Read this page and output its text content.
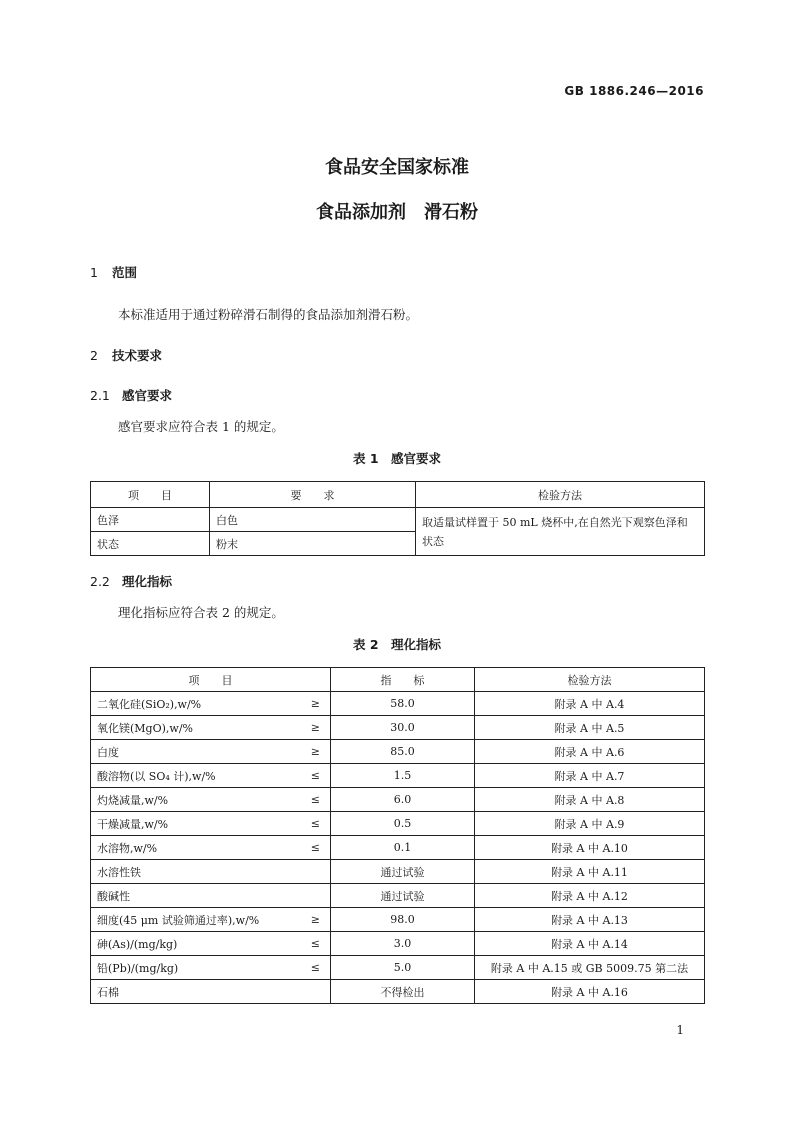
GB 1886.246—2016
食品安全国家标准
食品添加剂　滑石粉
1 范围
本标准适用于通过粉碎滑石制得的食品添加剂滑石粉。
2 技术要求
2.1 感官要求
感官要求应符合表 1 的规定。
表 1　感官要求
项　　目	要　　求	检验方法
色泽	白色	取适量试样置于 50 mL 烧杯中,在自然光下观察色泽和状态
状态	粉末	
2.2 理化指标
理化指标应符合表 2 的规定。
表 2　理化指标
项　　目	指　　标	检验方法

二氧化硅(SiO₂),w/% ≥	58.0	附录 A 中 A.4

氧化镁(MgO),w/% ≥	30.0	附录 A 中 A.5

白度 ≥	85.0	附录 A 中 A.6

酸溶物(以 SO₄ 计),w/% ≤	1.5	附录 A 中 A.7

灼烧减量,w/% ≤	6.0	附录 A 中 A.8

干燥减量,w/% ≤	0.5	附录 A 中 A.9

水溶物,w/% ≤	0.1	附录 A 中 A.10

水溶性铁	通过试验	附录 A 中 A.11

酸碱性	通过试验	附录 A 中 A.12

细度(45 μm 试验筛通过率),w/% ≥	98.0	附录 A 中 A.13

砷(As)/(mg/kg) ≤	3.0	附录 A 中 A.14

铅(Pb)/(mg/kg) ≤	5.0	附录 A 中 A.15 或 GB 5009.75 第二法

石棉	不得检出	附录 A 中 A.16
1
